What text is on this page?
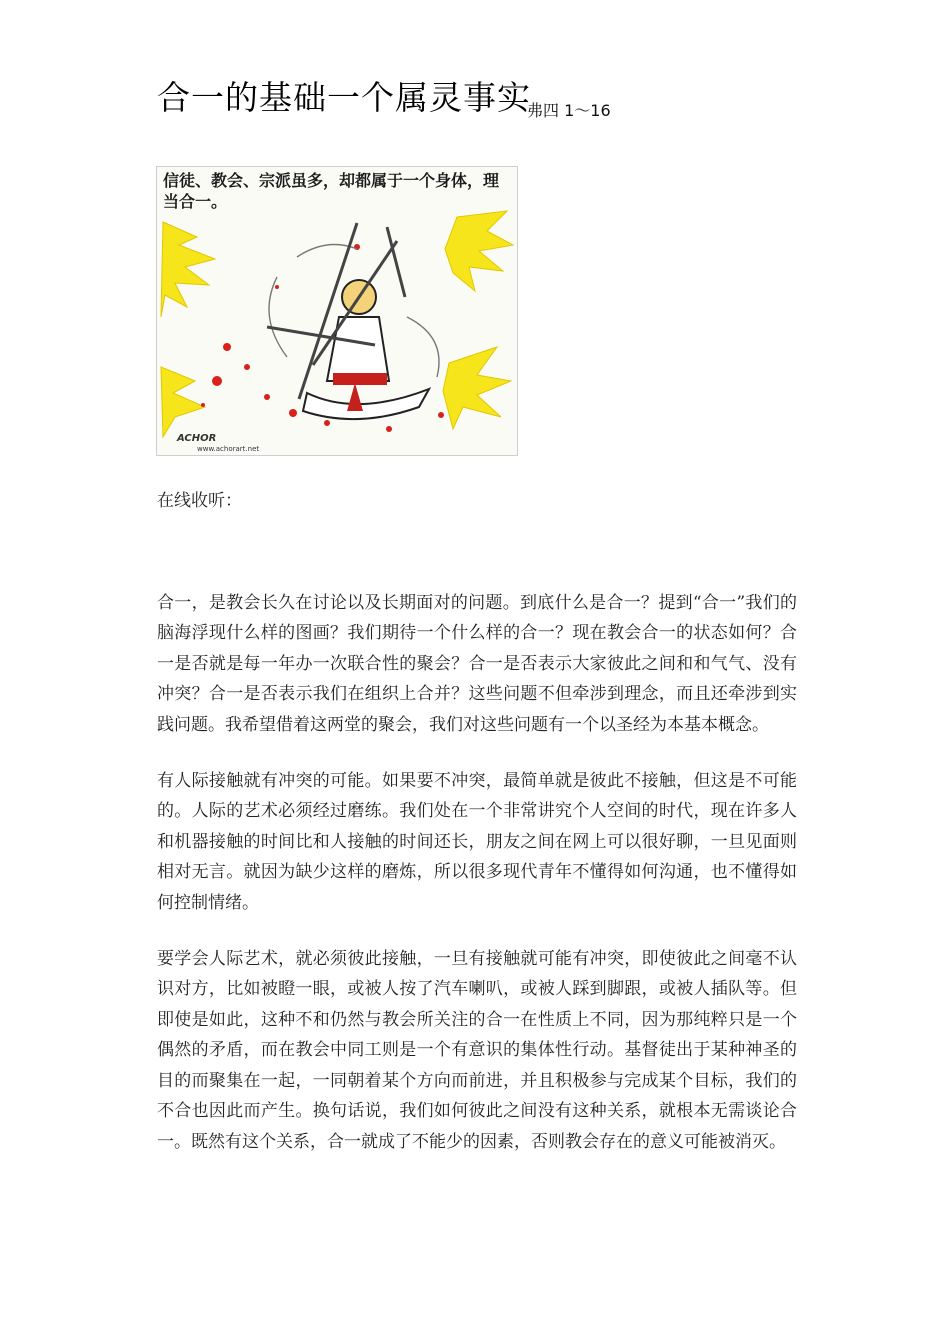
合一的基础一个属灵事实
弗四 1～16
信徒、教会、宗派虽多，却都属于一个身体，理当合一。
ACHOR
www.achorart.net
在线收听：

合一，是教会长久在讨论以及长期面对的问题。到底什么是合一？提到“合一”我们的脑海浮现什么样的图画？我们期待一个什么样的合一？现在教会合一的状态如何？合一是否就是每一年办一次联合性的聚会？合一是否表示大家彼此之间和和气气、没有冲突？合一是否表示我们在组织上合并？这些问题不但牵涉到理念，而且还牵涉到实践问题。我希望借着这两堂的聚会，我们对这些问题有一个以圣经为本基本概念。

有人际接触就有冲突的可能。如果要不冲突，最简单就是彼此不接触，但这是不可能的。人际的艺术必须经过磨练。我们处在一个非常讲究个人空间的时代，现在许多人和机器接触的时间比和人接触的时间还长，朋友之间在网上可以很好聊，一旦见面则相对无言。就因为缺少这样的磨炼，所以很多现代青年不懂得如何沟通，也不懂得如何控制情绪。

要学会人际艺术，就必须彼此接触，一旦有接触就可能有冲突，即使彼此之间毫不认识对方，比如被瞪一眼，或被人按了汽车喇叭，或被人踩到脚跟，或被人插队等。但即使是如此，这种不和仍然与教会所关注的合一在性质上不同，因为那纯粹只是一个偶然的矛盾，而在教会中同工则是一个有意识的集体性行动。基督徒出于某种神圣的目的而聚集在一起，一同朝着某个方向而前进，并且积极参与完成某个目标，我们的不合也因此而产生。换句话说，我们如何彼此之间没有这种关系，就根本无需谈论合一。既然有这个关系，合一就成了不能少的因素，否则教会存在的意义可能被消灭。
